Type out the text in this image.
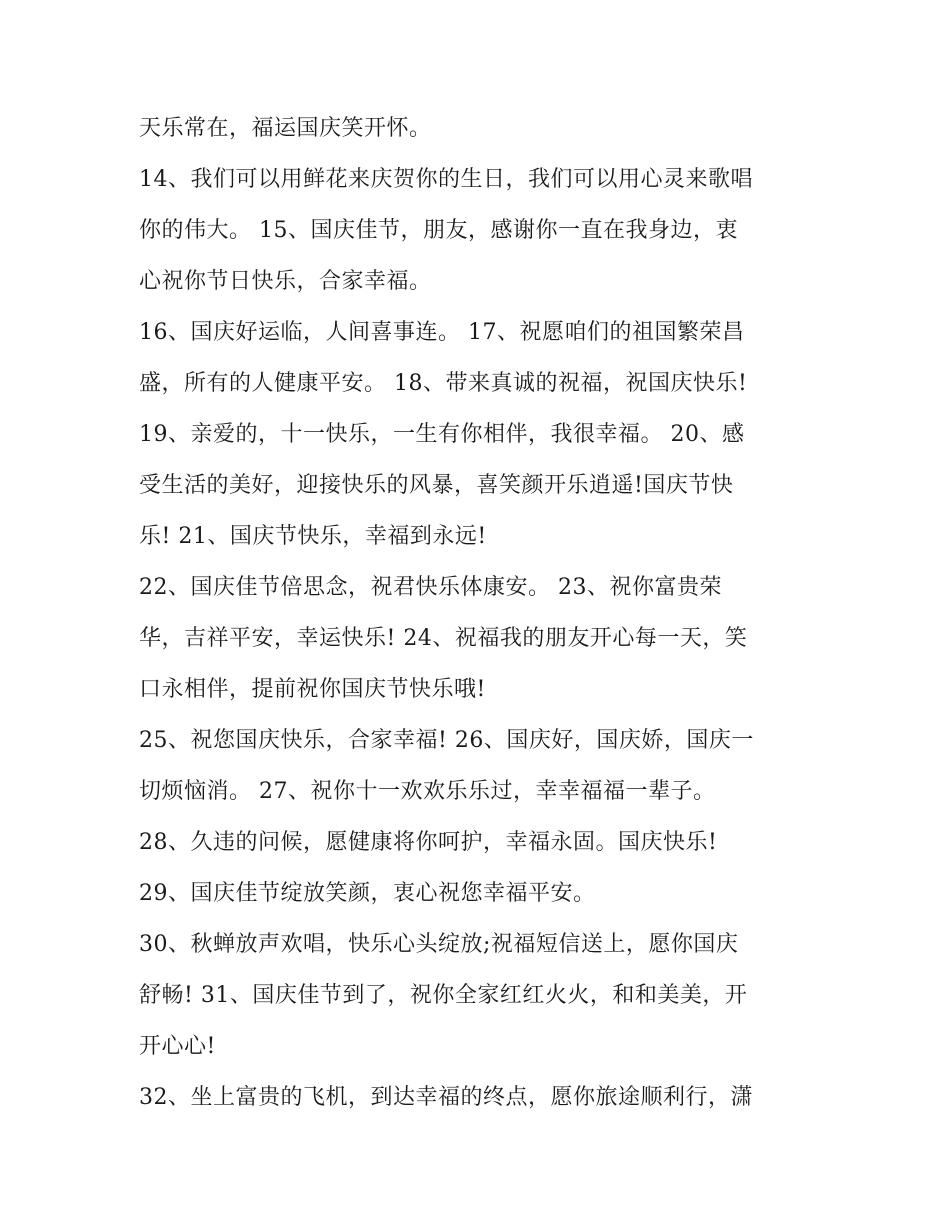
天乐常在，福运国庆笑开怀。
14、我们可以用鲜花来庆贺你的生日，我们可以用心灵来歌唱
你的伟大。 15、国庆佳节，朋友，感谢你一直在我身边，衷
心祝你节日快乐，合家幸福。
16、国庆好运临，人间喜事连。 17、祝愿咱们的祖国繁荣昌
盛，所有的人健康平安。 18、带来真诚的祝福，祝国庆快乐!
19、亲爱的，十一快乐，一生有你相伴，我很幸福。 20、感
受生活的美好，迎接快乐的风暴，喜笑颜开乐逍遥!国庆节快
乐! 21、国庆节快乐，幸福到永远!
22、国庆佳节倍思念，祝君快乐体康安。 23、祝你富贵荣
华，吉祥平安，幸运快乐! 24、祝福我的朋友开心每一天，笑
口永相伴，提前祝你国庆节快乐哦!
25、祝您国庆快乐，合家幸福! 26、国庆好，国庆娇，国庆一
切烦恼消。 27、祝你十一欢欢乐乐过，幸幸福福一辈子。
28、久违的问候，愿健康将你呵护，幸福永固。国庆快乐!
29、国庆佳节绽放笑颜，衷心祝您幸福平安。
30、秋蝉放声欢唱，快乐心头绽放;祝福短信送上，愿你国庆
舒畅! 31、国庆佳节到了，祝你全家红红火火，和和美美，开
开心心!
32、坐上富贵的飞机，到达幸福的终点，愿你旅途顺利行，潇
